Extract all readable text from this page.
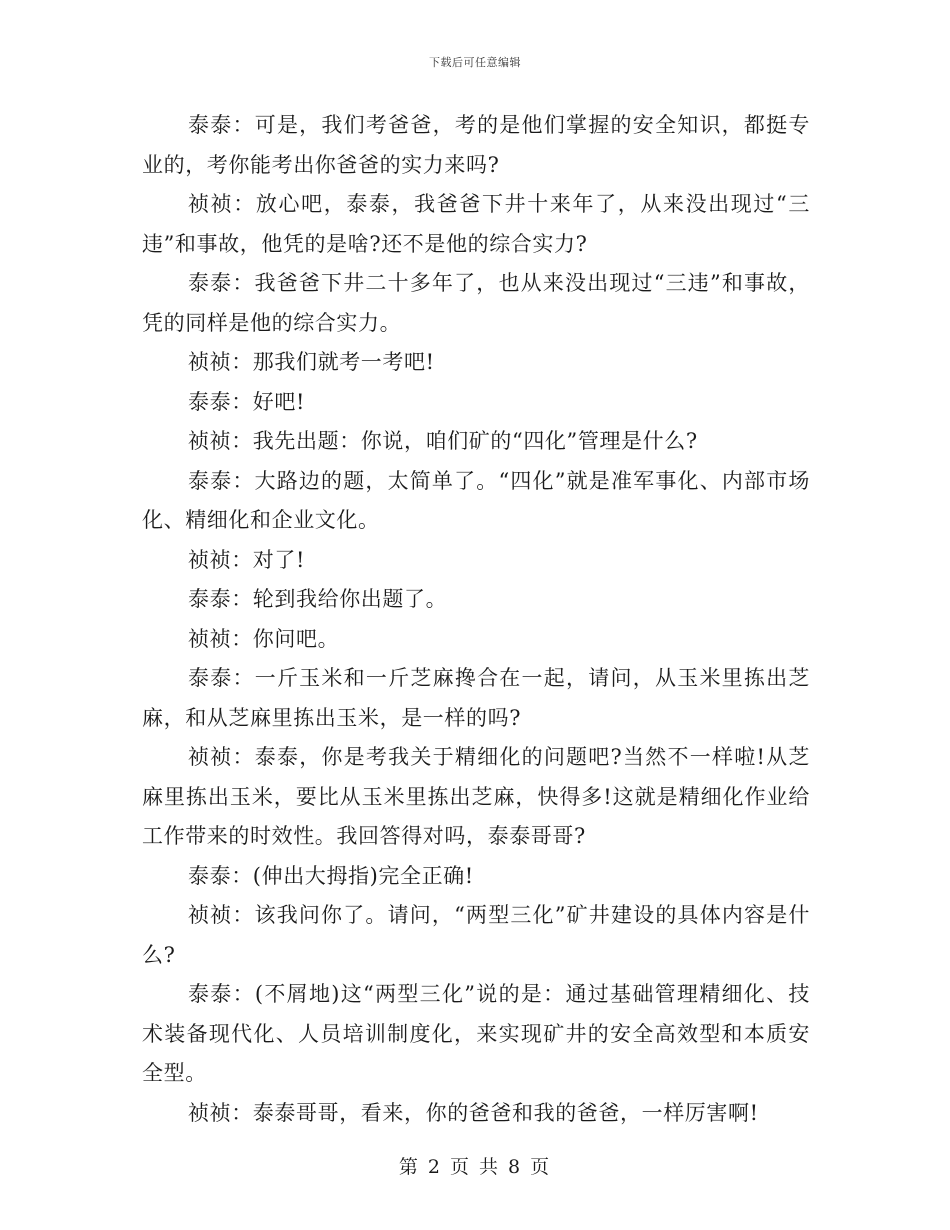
下载后可任意编辑

泰泰：可是，我们考爸爸，考的是他们掌握的安全知识，都挺专业的，考你能考出你爸爸的实力来吗?

祯祯：放心吧，泰泰，我爸爸下井十来年了，从来没出现过“三违”和事故，他凭的是啥?还不是他的综合实力?

泰泰：我爸爸下井二十多年了，也从来没出现过“三违”和事故，凭的同样是他的综合实力。

祯祯：那我们就考一考吧!

泰泰：好吧!

祯祯：我先出题：你说，咱们矿的“四化”管理是什么?

泰泰：大路边的题，太简单了。“四化”就是准军事化、内部市场化、精细化和企业文化。

祯祯：对了!

泰泰：轮到我给你出题了。

祯祯：你问吧。

泰泰：一斤玉米和一斤芝麻搀合在一起，请问，从玉米里拣出芝麻，和从芝麻里拣出玉米，是一样的吗?

祯祯：泰泰，你是考我关于精细化的问题吧?当然不一样啦!从芝麻里拣出玉米，要比从玉米里拣出芝麻，快得多!这就是精细化作业给工作带来的时效性。我回答得对吗，泰泰哥哥?

泰泰：(伸出大拇指)完全正确!

祯祯：该我问你了。请问，“两型三化”矿井建设的具体内容是什么?

泰泰：(不屑地)这“两型三化”说的是：通过基础管理精细化、技术装备现代化、人员培训制度化，来实现矿井的安全高效型和本质安全型。

祯祯：泰泰哥哥，看来，你的爸爸和我的爸爸，一样厉害啊!

第 2 页 共 8 页
